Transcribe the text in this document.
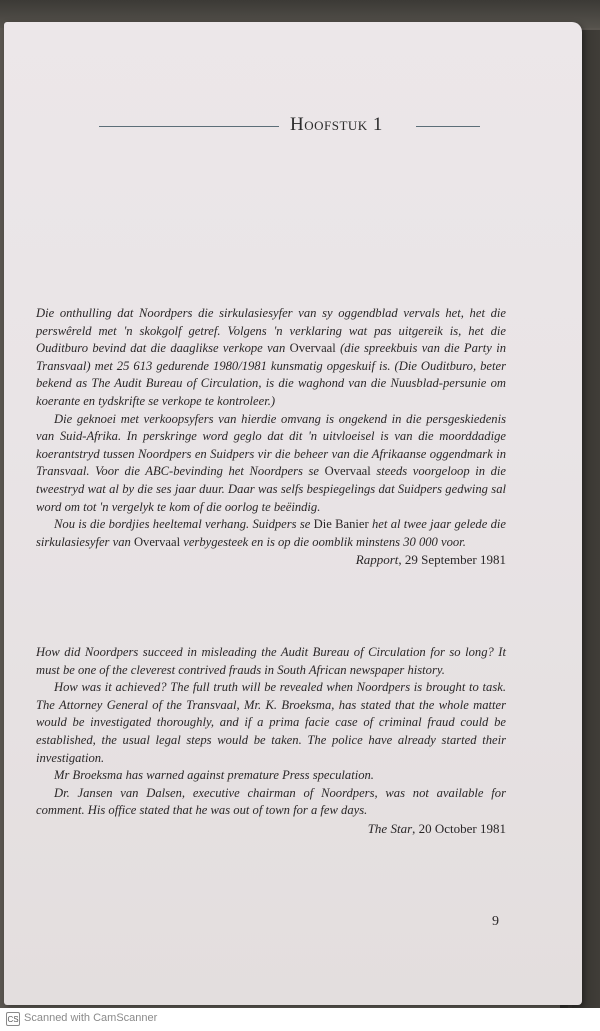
Hoofstuk 1

Die onthulling dat Noordpers die sirkulasiesyfer van sy oggendblad vervals het, het die perswêreld met 'n skokgolf getref. Volgens 'n verklaring wat pas uitgereik is, het die Ouditburo bevind dat die daaglikse verkope van Overvaal (die spreekbuis van die Party in Transvaal) met 25 613 gedurende 1980/1981 kunsmatig opgeskuif is. (Die Ouditburo, beter bekend as The Audit Bureau of Circulation, is die waghond van die Nuusblad-persunie om koerante en tydskrifte se verkope te kontroleer.)

Die geknoei met verkoopsyfers van hierdie omvang is ongekend in die persgeskiedenis van Suid-Afrika. In perskringe word geglo dat dit 'n uitvloeisel is van die moorddadige koerantstryd tussen Noordpers en Suidpers vir die beheer van die Afrikaanse oggendmark in Transvaal. Voor die ABC-bevinding het Noordpers se Overvaal steeds voorgeloop in die tweestryd wat al by die ses jaar duur. Daar was selfs bespiegelings dat Suidpers gedwing sal word om tot 'n vergelyk te kom of die oorlog te beëindig.

Nou is die bordjies heeltemal verhang. Suidpers se Die Banier het al twee jaar gelede die sirkulasiesyfer van Overvaal verbygesteek en is op die oomblik minstens 30 000 voor.

Rapport, 29 September 1981

How did Noordpers succeed in misleading the Audit Bureau of Circulation for so long? It must be one of the cleverest contrived frauds in South African newspaper history.

How was it achieved? The full truth will be revealed when Noordpers is brought to task. The Attorney General of the Transvaal, Mr. K. Broeksma, has stated that the whole matter would be investigated thoroughly, and if a prima facie case of criminal fraud could be established, the usual legal steps would be taken. The police have already started their investigation.

Mr Broeksma has warned against premature Press speculation.

Dr. Jansen van Dalsen, executive chairman of Noordpers, was not available for comment. His office stated that he was out of town for a few days.

The Star, 20 October 1981
9
CS Scanned with CamScanner
